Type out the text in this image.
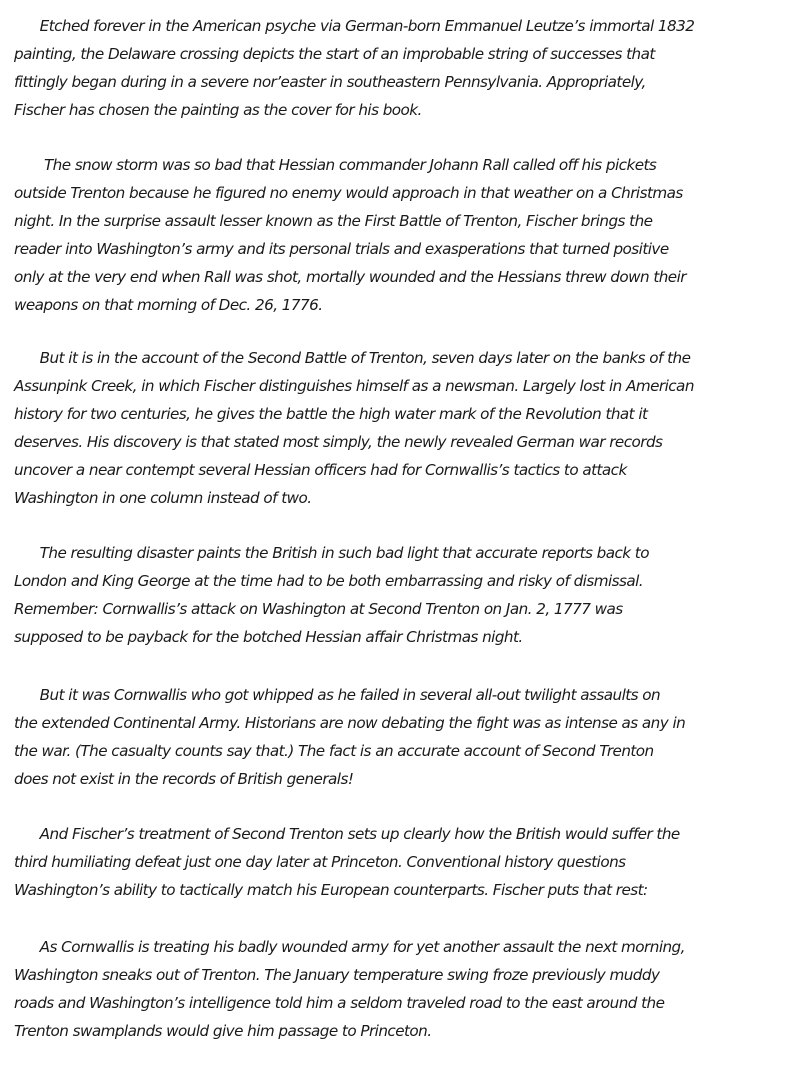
Etched forever in the American psyche via German-born Emmanuel Leutze’s immortal 1832
painting, the Delaware crossing depicts the start of an improbable string of successes that
fittingly began during in a severe nor’easter in southeastern Pennsylvania. Appropriately,
Fischer has chosen the painting as the cover for his book.

The snow storm was so bad that Hessian commander Johann Rall called off his pickets
outside Trenton because he figured no enemy would approach in that weather on a Christmas
night. In the surprise assault lesser known as the First Battle of Trenton, Fischer brings the
reader into Washington’s army and its personal trials and exasperations that turned positive
only at the very end when Rall was shot, mortally wounded and the Hessians threw down their
weapons on that morning of Dec. 26, 1776.

But it is in the account of the Second Battle of Trenton, seven days later on the banks of the
Assunpink Creek, in which Fischer distinguishes himself as a newsman. Largely lost in American
history for two centuries, he gives the battle the high water mark of the Revolution that it
deserves. His discovery is that stated most simply, the newly revealed German war records
uncover a near contempt several Hessian officers had for Cornwallis’s tactics to attack
Washington in one column instead of two.

The resulting disaster paints the British in such bad light that accurate reports back to
London and King George at the time had to be both embarrassing and risky of dismissal.
Remember: Cornwallis’s attack on Washington at Second Trenton on Jan. 2, 1777 was
supposed to be payback for the botched Hessian affair Christmas night.

But it was Cornwallis who got whipped as he failed in several all-out twilight assaults on
the extended Continental Army. Historians are now debating the fight was as intense as any in
the war. (The casualty counts say that.) The fact is an accurate account of Second Trenton
does not exist in the records of British generals!

And Fischer’s treatment of Second Trenton sets up clearly how the British would suffer the
third humiliating defeat just one day later at Princeton. Conventional history questions
Washington’s ability to tactically match his European counterparts. Fischer puts that rest:

As Cornwallis is treating his badly wounded army for yet another assault the next morning,
Washington sneaks out of Trenton. The January temperature swing froze previously muddy
roads and Washington’s intelligence told him a seldom traveled road to the east around the
Trenton swamplands would give him passage to Princeton.
